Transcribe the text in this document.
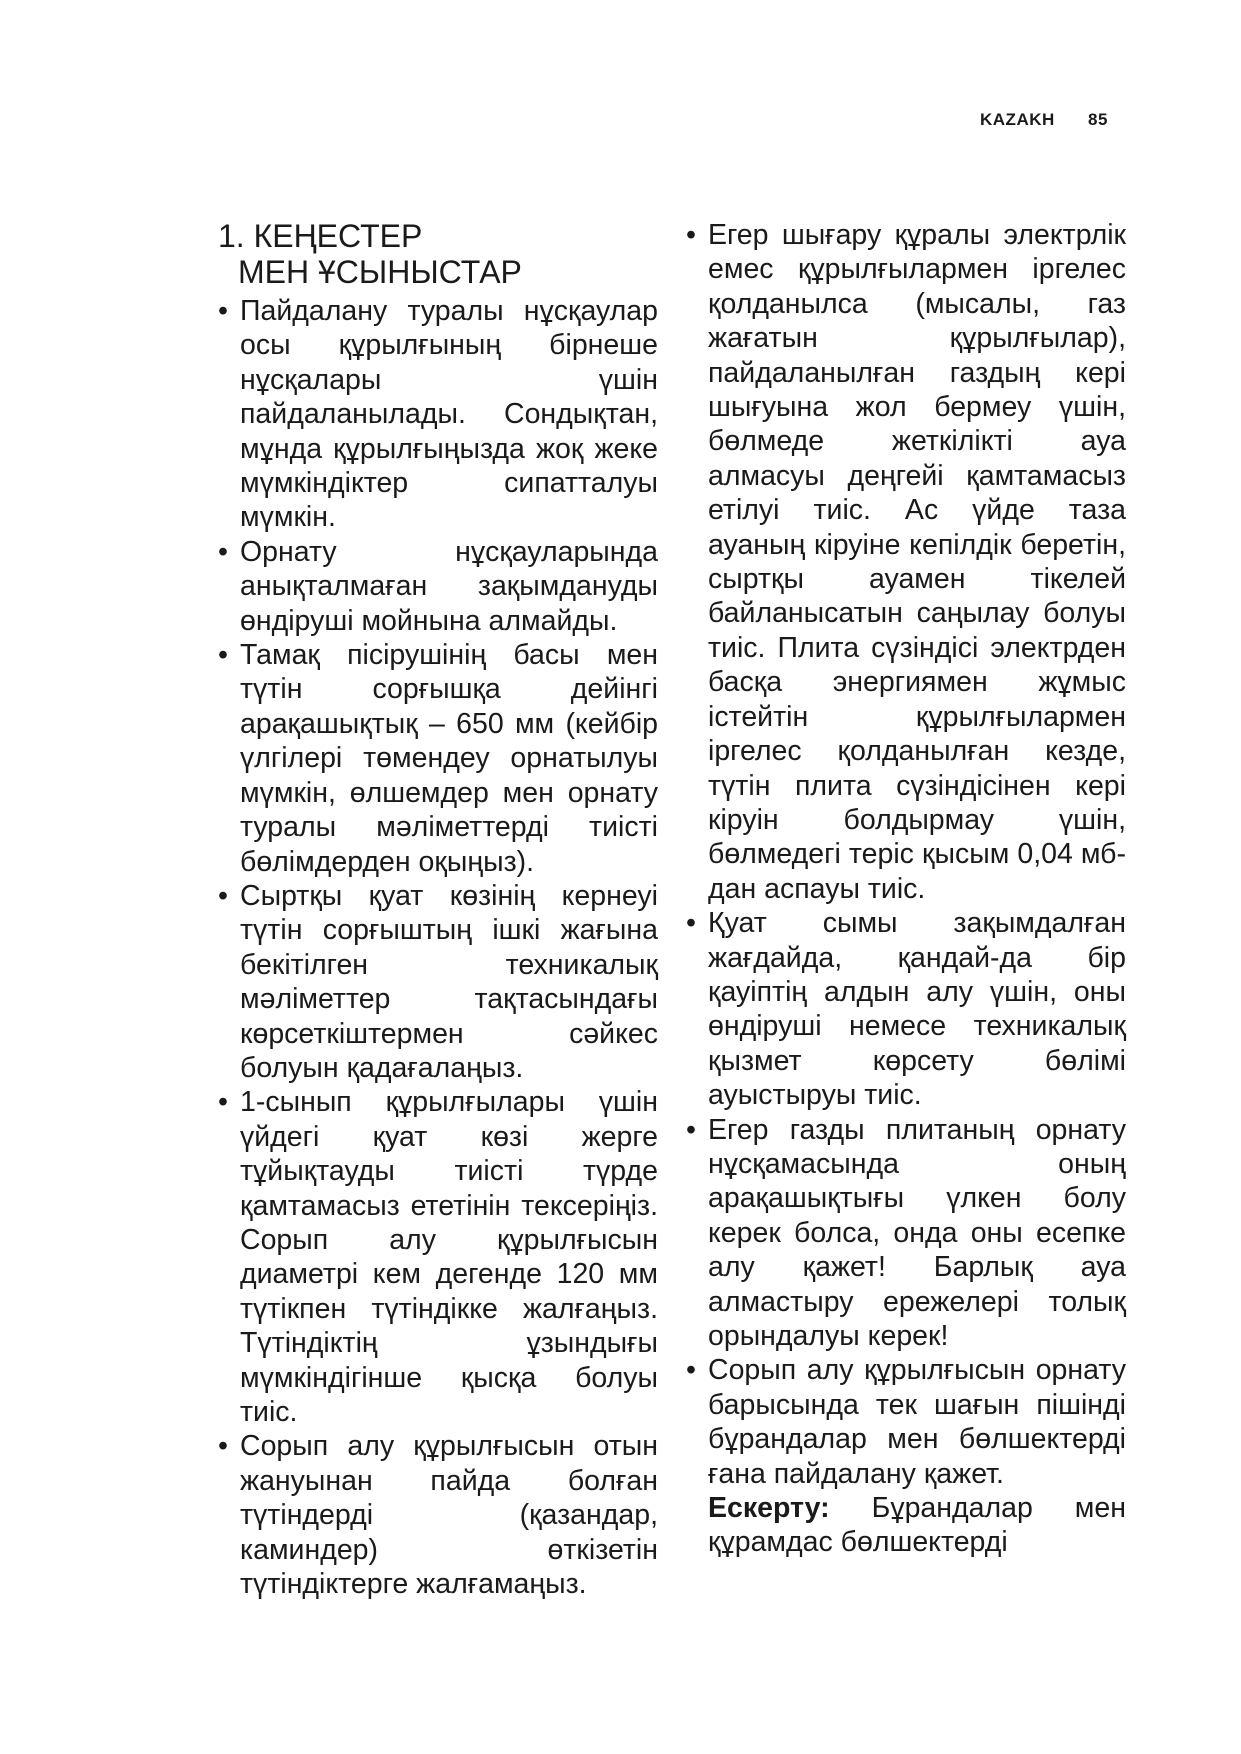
KAZAKH 85
1. КЕҢЕСТЕР
МЕН ҰСЫНЫСТАР
• Пайдалану туралы нұсқаулар осы құрылғының бірнеше нұсқалары үшін пайдаланылады. Сондықтан, мұнда құрылғыңызда жоқ жеке мүмкіндіктер сипатталуы мүмкін.
• Орнату нұсқауларында анықталмаған зақымдануды өндіруші мойнына алмайды.
• Тамақ пісірушінің басы мен түтін сорғышқа дейінгі арақашықтық – 650 мм (кейбір үлгілері төмендеу орнатылуы мүмкін, өлшемдер мен орнату туралы мәліметтерді тиісті бөлімдерден оқыңыз).
• Сыртқы қуат көзінің кернеуі түтін сорғыштың ішкі жағына бекітілген техникалық мәліметтер тақтасындағы көрсеткіштермен сәйкес болуын қадағалаңыз.
• 1-сынып құрылғылары үшін үйдегі қуат көзі жерге тұйықтауды тиісті түрде қамтамасыз ететінін тексеріңіз. Сорып алу құрылғысын диаметрі кем дегенде 120 мм түтікпен түтіндікке жалғаңыз. Түтіндіктің ұзындығы мүмкіндігінше қысқа болуы тиіс.
• Сорып алу құрылғысын отын жануынан пайда болған түтіндерді (қазандар, каминдер) өткізетін түтіндіктерге жалғамаңыз.
• Егер шығару құралы электрлік емес құрылғылармен іргелес қолданылса (мысалы, газ жағатын құрылғылар), пайдаланылған газдың кері шығуына жол бермеу үшін, бөлмеде жеткілікті ауа алмасуы деңгейі қамтамасыз етілуі тиіс. Ас үйде таза ауаның кіруіне кепілдік беретін, сыртқы ауамен тікелей байланысатын саңылау болуы тиіс. Плита сүзіндісі электрден басқа энергиямен жұмыс істейтін құрылғылармен іргелес қолданылған кезде, түтін плита сүзіндісінен кері кіруін болдырмау үшін, бөлмедегі теріс қысым 0,04 мб-дан аспауы тиіс.
• Қуат сымы зақымдалған жағдайда, қандай-да бір қауіптің алдын алу үшін, оны өндіруші немесе техникалық қызмет көрсету бөлімі ауыстыруы тиіс.
• Егер газды плитаның орнату нұсқамасында оның арақашықтығы үлкен болу керек болса, онда оны есепке алу қажет! Барлық ауа алмастыру ережелері толық орындалуы керек!
• Сорып алу құрылғысын орнату барысында тек шағын пішінді бұрандалар мен бөлшектерді ғана пайдалану қажет.
Ескерту: Бұрандалар мен құрамдас бөлшектерді
